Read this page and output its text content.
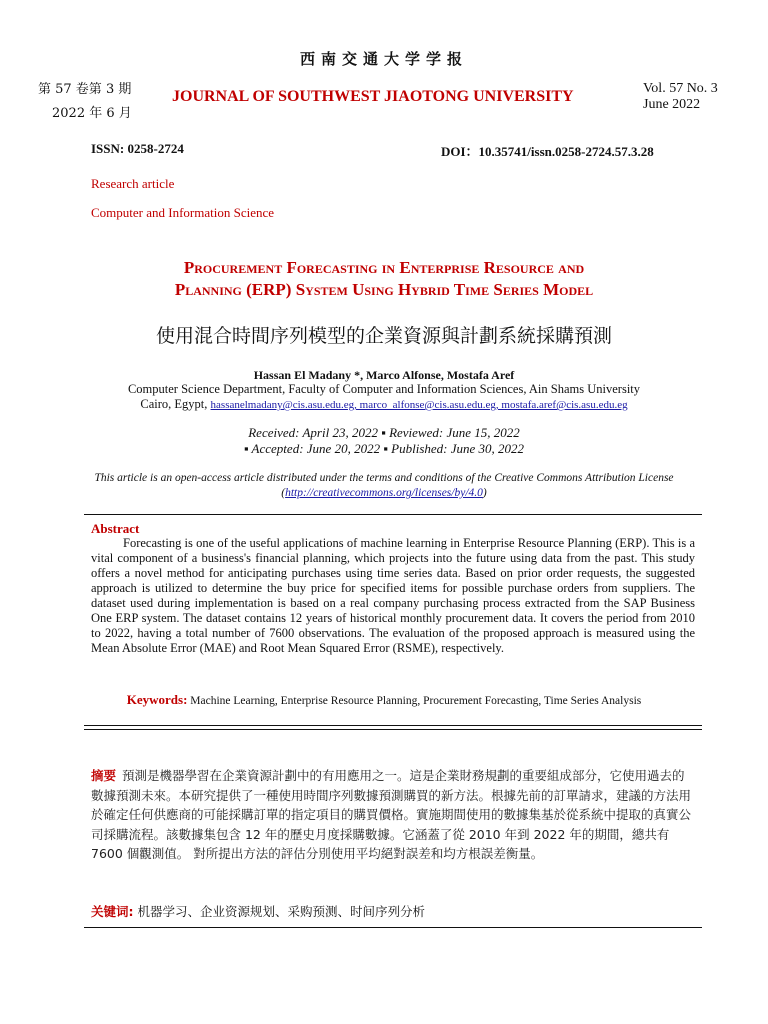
西南交通大学学报
第 57 卷第 3 期
2022 年 6 月
JOURNAL OF SOUTHWEST JIAOTONG UNIVERSITY	Vol. 57 No. 3
June 2022
ISSN: 0258-2724	DOI：10.35741/issn.0258-2724.57.3.28
Research article
Computer and Information Science
Procurement Forecasting in Enterprise Resource and
Planning (ERP) System Using Hybrid Time Series Model
使用混合時間序列模型的企業資源與計劃系統採購預測
Hassan El Madany *, Marco Alfonse, Mostafa Aref
Computer Science Department, Faculty of Computer and Information Sciences, Ain Shams University
Cairo, Egypt, hassanelmadany@cis.asu.edu.eg, marco_alfonse@cis.asu.edu.eg, mostafa.aref@cis.asu.edu.eg
Received: April 23, 2022 ▪ Reviewed: June 15, 2022
▪ Accepted: June 20, 2022 ▪ Published: June 30, 2022
This article is an open-access article distributed under the terms and conditions of the Creative Commons Attribution License (http://creativecommons.org/licenses/by/4.0)
Abstract
Forecasting is one of the useful applications of machine learning in Enterprise Resource Planning (ERP). This is a vital component of a business's financial planning, which projects into the future using data from the past. This study offers a novel method for anticipating purchases using time series data. Based on prior order requests, the suggested approach is utilized to determine the buy price for specified items for possible purchase orders from suppliers. The dataset used during implementation is based on a real company purchasing process extracted from the SAP Business One ERP system. The dataset contains 12 years of historical monthly procurement data. It covers the period from 2010 to 2022, having a total number of 7600 observations. The evaluation of the proposed approach is measured using the Mean Absolute Error (MAE) and Root Mean Squared Error (RSME), respectively.
Keywords: Machine Learning, Enterprise Resource Planning, Procurement Forecasting, Time Series Analysis
摘要 預測是機器學習在企業資源計劃中的有用應用之一。這是企業財務規劃的重要組成部分，它使用過去的數據預測未來。本研究提供了一種使用時間序列數據預測購買的新方法。根據先前的訂單請求，建議的方法用於確定任何供應商的可能採購訂單的指定項目的購買價格。實施期間使用的數據集基於從系統中提取的真實公司採購流程。該數據集包含 12 年的歷史月度採購數據。它涵蓋了從 2010 年到 2022 年的期間，總共有 7600 個觀測值。 對所提出方法的評估分別使用平均絕對誤差和均方根誤差衡量。
关键词: 机器学习、企业资源规划、采购预测、时间序列分析
